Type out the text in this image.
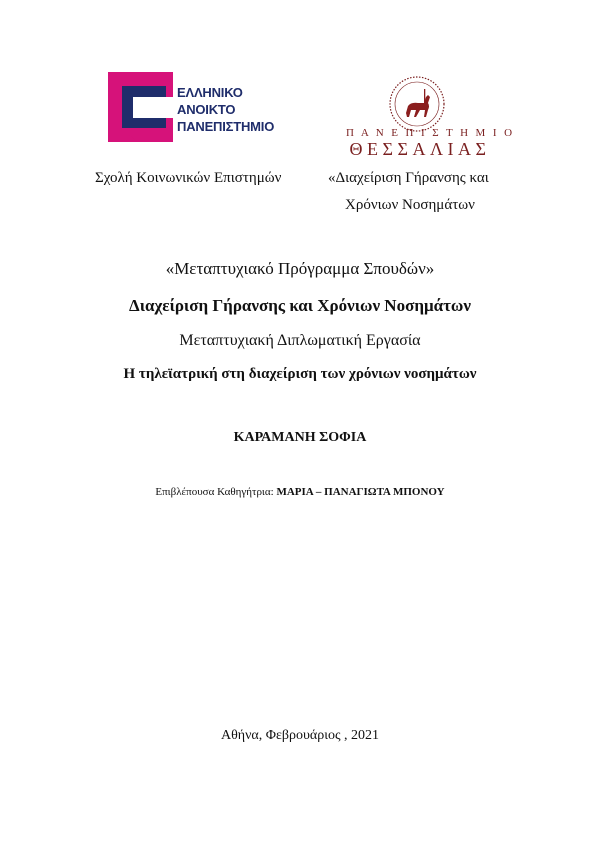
ΕΛΛΗΝΙΚΟ
ΑΝΟΙΚΤΟ
ΠΑΝΕΠΙΣΤΗΜΙΟ	Π Α Ν Ε Π Ι Σ Τ Η Μ Ι Ο
ΘΕΣΣΑΛΙΑΣ
Σχολή Κοινωνικών Επιστημών	«Διαχείριση Γήρανσης και
Χρόνιων Νοσημάτων
«Μεταπτυχιακό Πρόγραμμα Σπουδών»
Διαχείριση Γήρανσης και Χρόνιων Νοσημάτων
Μεταπτυχιακή Διπλωματική Εργασία
Η τηλεϊατρική στη διαχείριση των χρόνιων νοσημάτων
ΚΑΡΑΜΑΝΗ ΣΟΦΙΑ
Επιβλέπουσα Καθηγήτρια: ΜΑΡΙΑ – ΠΑΝΑΓΙΩΤΑ ΜΠΟΝΟΥ
Αθήνα, Φεβρουάριος , 2021
